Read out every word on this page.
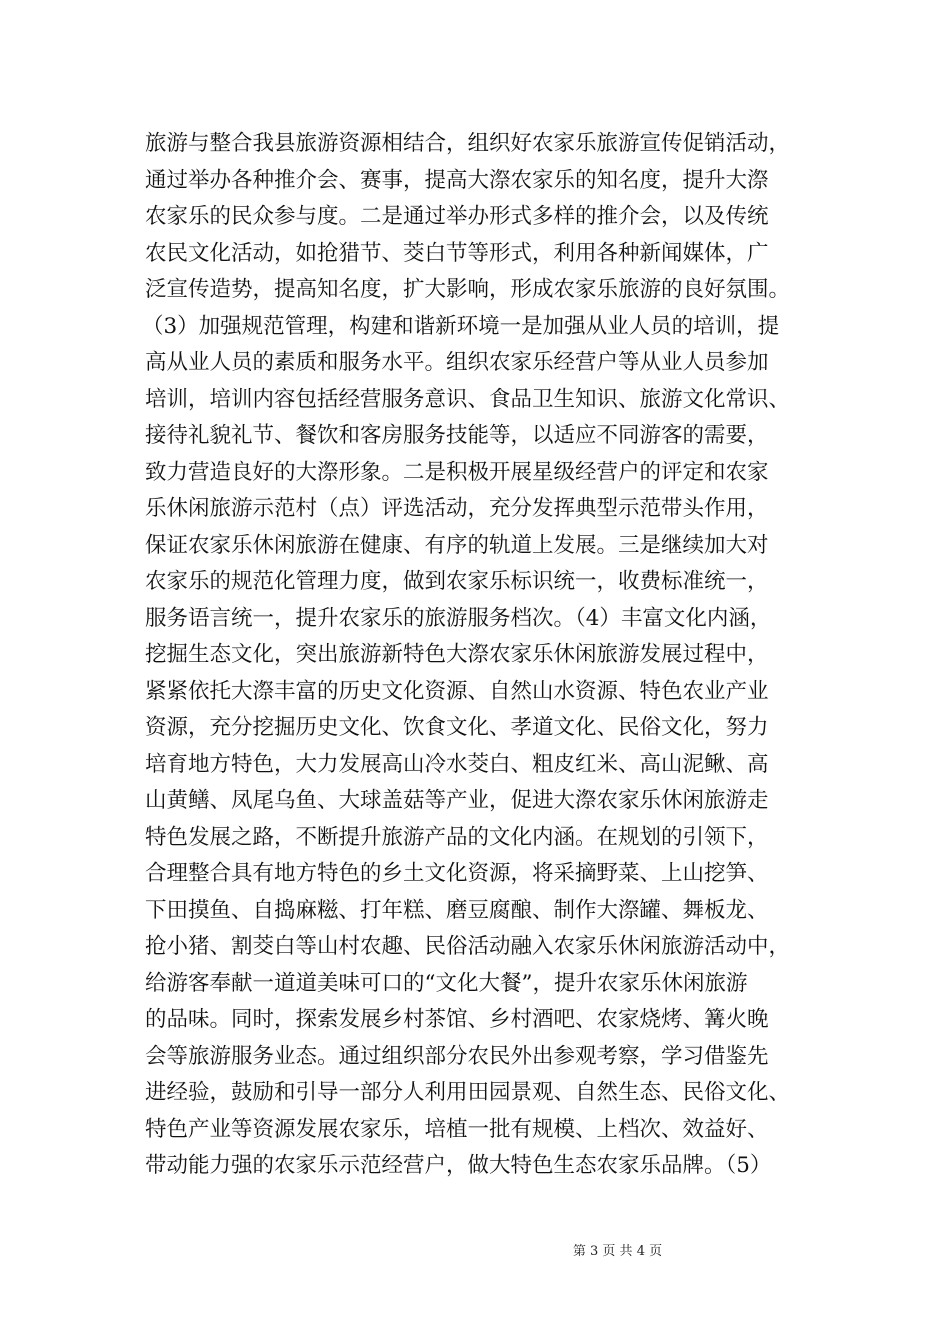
旅游与整合我县旅游资源相结合，组织好农家乐旅游宣传促销活动，
通过举办各种推介会、赛事，提高大漈农家乐的知名度，提升大漈
农家乐的民众参与度。二是通过举办形式多样的推介会，以及传统
农民文化活动，如抢猎节、茭白节等形式，利用各种新闻媒体，广
泛宣传造势，提高知名度，扩大影响，形成农家乐旅游的良好氛围。
（3）加强规范管理，构建和谐新环境一是加强从业人员的培训，提
高从业人员的素质和服务水平。组织农家乐经营户等从业人员参加
培训，培训内容包括经营服务意识、食品卫生知识、旅游文化常识、
接待礼貌礼节、餐饮和客房服务技能等，以适应不同游客的需要，
致力营造良好的大漈形象。二是积极开展星级经营户的评定和农家
乐休闲旅游示范村（点）评选活动，充分发挥典型示范带头作用，
保证农家乐休闲旅游在健康、有序的轨道上发展。三是继续加大对
农家乐的规范化管理力度，做到农家乐标识统一，收费标准统一，
服务语言统一，提升农家乐的旅游服务档次。（4）丰富文化内涵，
挖掘生态文化，突出旅游新特色大漈农家乐休闲旅游发展过程中，
紧紧依托大漈丰富的历史文化资源、自然山水资源、特色农业产业
资源，充分挖掘历史文化、饮食文化、孝道文化、民俗文化，努力
培育地方特色，大力发展高山冷水茭白、粗皮红米、高山泥鳅、高
山黄鳝、凤尾乌鱼、大球盖菇等产业，促进大漈农家乐休闲旅游走
特色发展之路，不断提升旅游产品的文化内涵。在规划的引领下，
合理整合具有地方特色的乡土文化资源，将采摘野菜、上山挖笋、
下田摸鱼、自捣麻糍、打年糕、磨豆腐酿、制作大漈罐、舞板龙、
抢小猪、割茭白等山村农趣、民俗活动融入农家乐休闲旅游活动中，
给游客奉献一道道美味可口的“文化大餐”，提升农家乐休闲旅游
的品味。同时，探索发展乡村茶馆、乡村酒吧、农家烧烤、篝火晚
会等旅游服务业态。通过组织部分农民外出参观考察，学习借鉴先
进经验，鼓励和引导一部分人利用田园景观、自然生态、民俗文化、
特色产业等资源发展农家乐，培植一批有规模、上档次、效益好、
带动能力强的农家乐示范经营户，做大特色生态农家乐品牌。（5）
第 3 页 共 4 页
